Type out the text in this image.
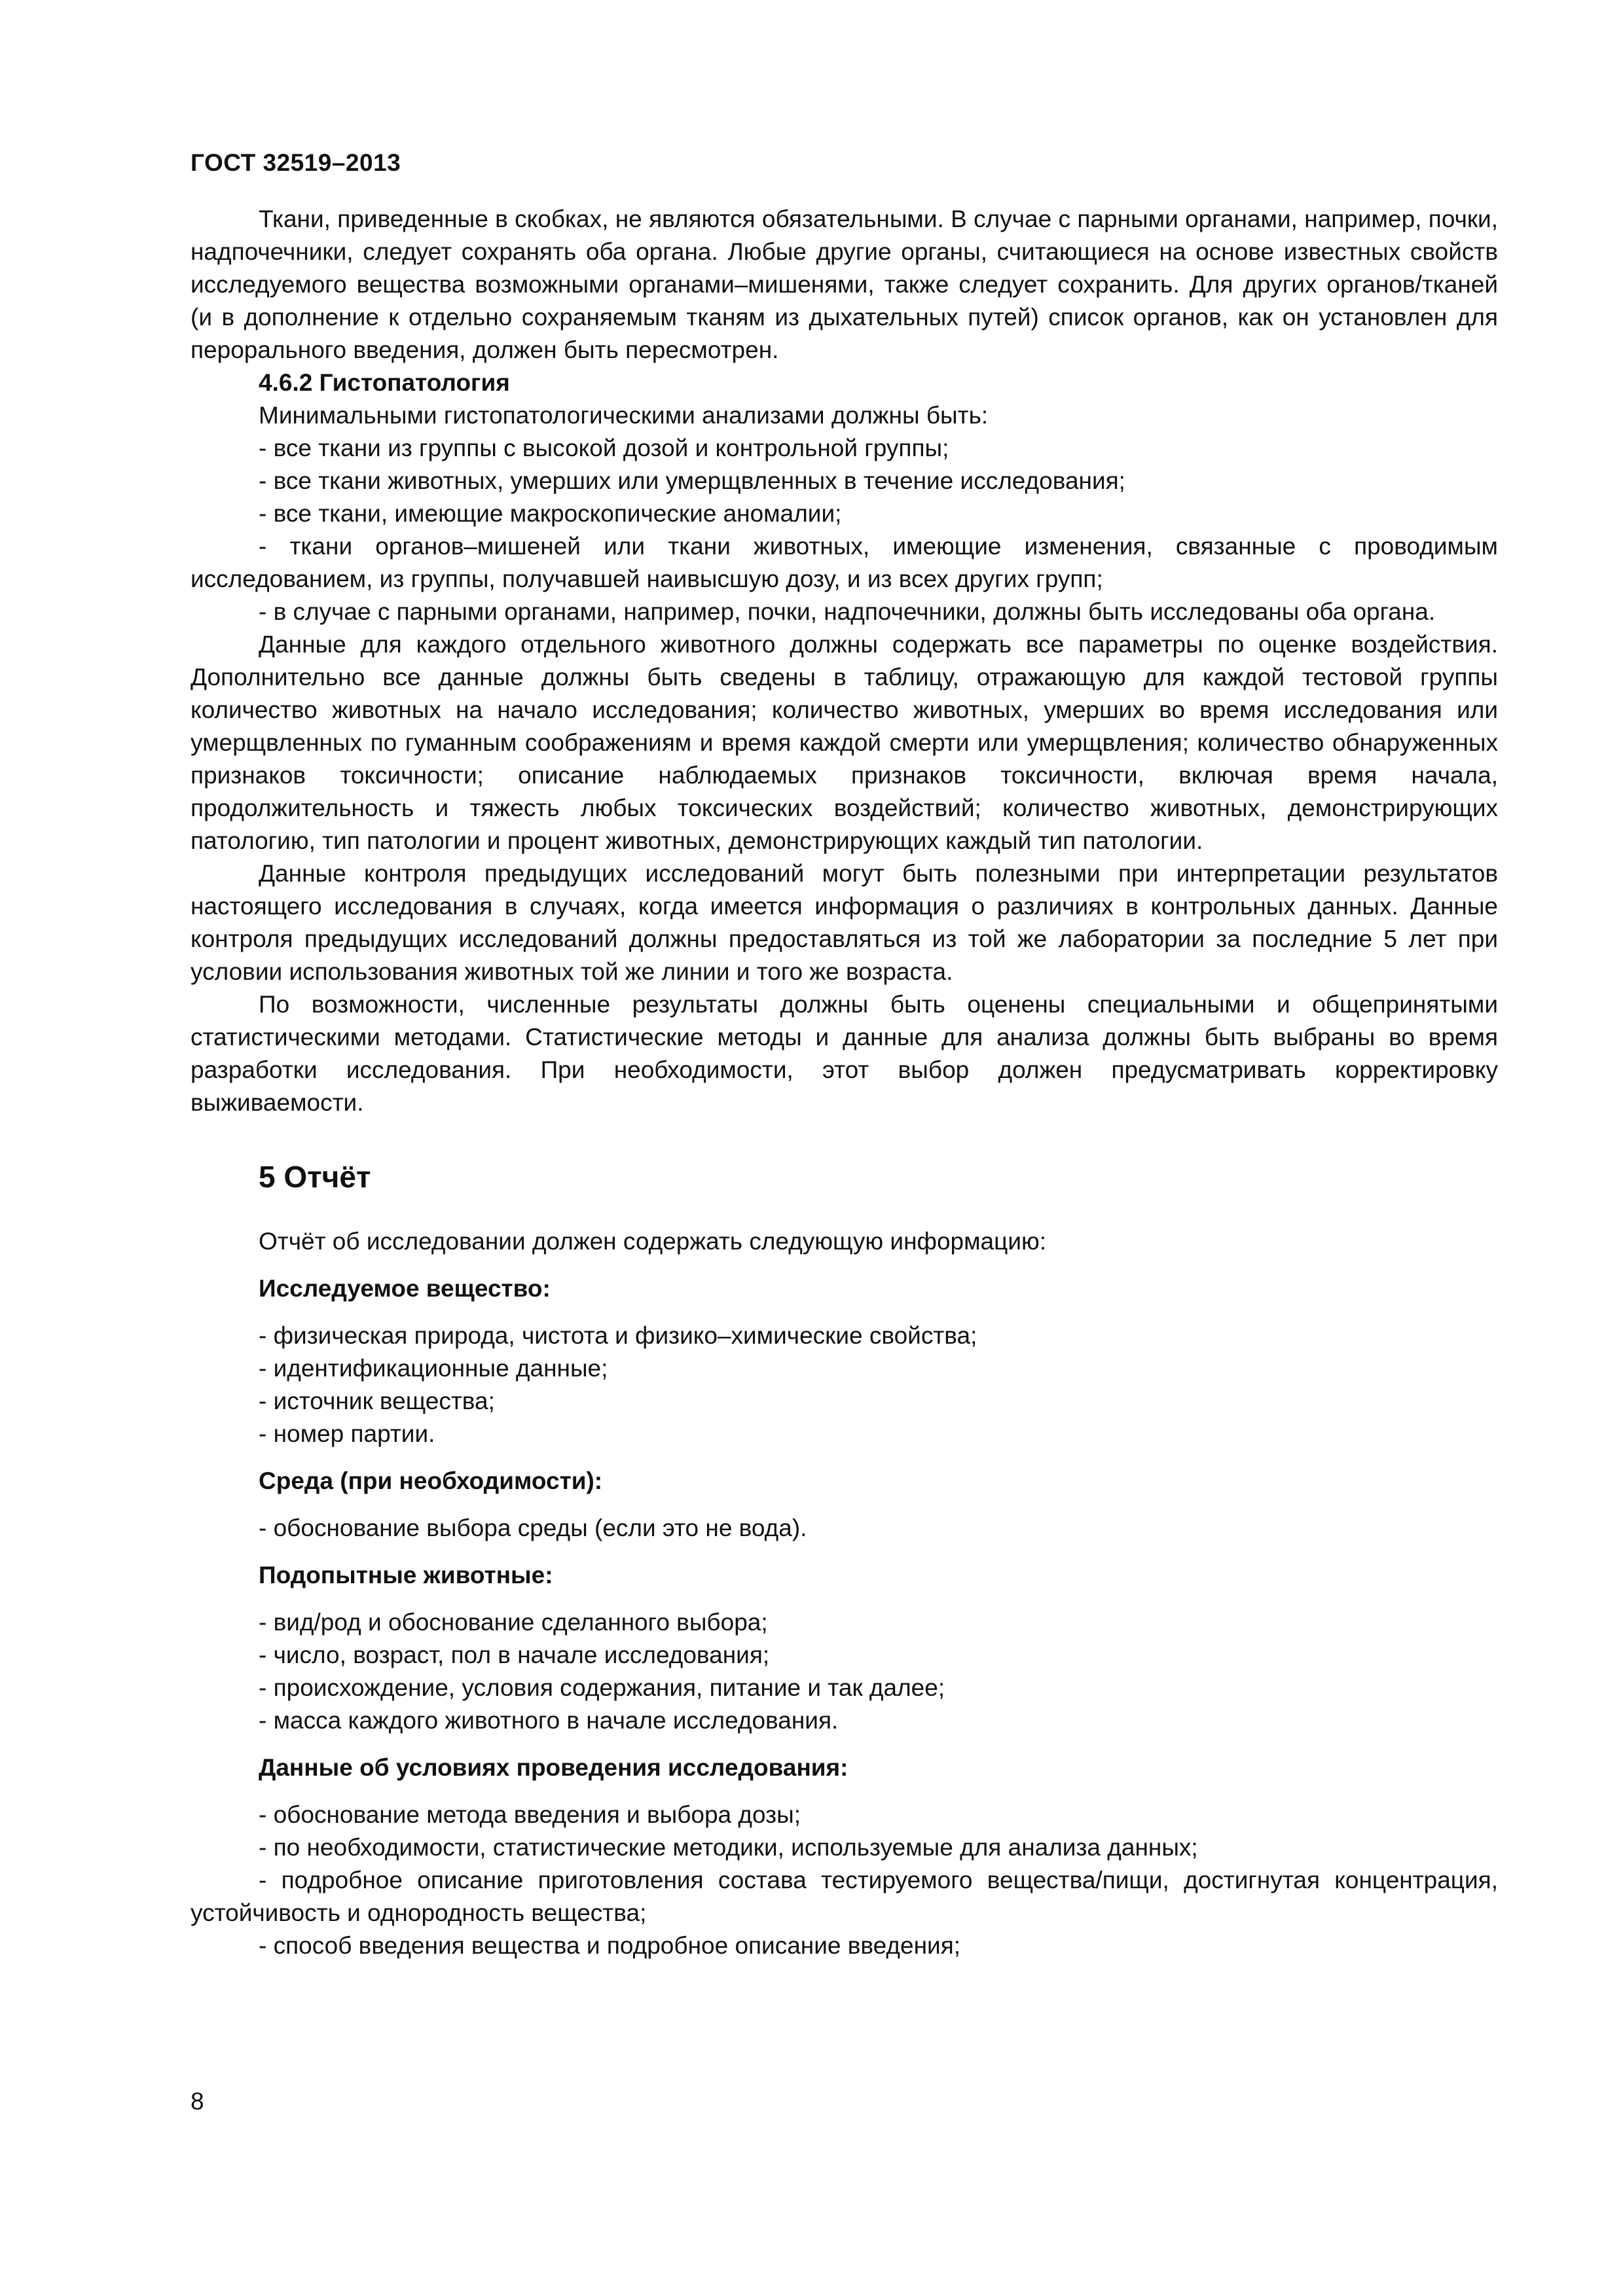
ГОСТ 32519–2013

Ткани, приведенные в скобках, не являются обязательными. В случае с парными органами, например, почки, надпочечники, следует сохранять оба органа. Любые другие органы, считающиеся на основе известных свойств исследуемого вещества возможными органами–мишенями, также следует сохранить. Для других органов/тканей (и в дополнение к отдельно сохраняемым тканям из дыхательных путей) список органов, как он установлен для перорального введения, должен быть пересмотрен.

4.6.2 Гистопатология

Минимальными гистопатологическими анализами должны быть:

- все ткани из группы с высокой дозой и контрольной группы;

- все ткани животных, умерших или умерщвленных в течение исследования;

- все ткани, имеющие макроскопические аномалии;

- ткани органов–мишеней или ткани животных, имеющие изменения, связанные с проводимым исследованием, из группы, получавшей наивысшую дозу, и из всех других групп;

- в случае с парными органами, например, почки, надпочечники, должны быть исследованы оба органа.

Данные для каждого отдельного животного должны содержать все параметры по оценке воздействия. Дополнительно все данные должны быть сведены в таблицу, отражающую для каждой тестовой группы количество животных на начало исследования; количество животных, умерших во время исследования или умерщвленных по гуманным соображениям и время каждой смерти или умерщвления; количество обнаруженных признаков токсичности; описание наблюдаемых признаков токсичности, включая время начала, продолжительность и тяжесть любых токсических воздействий; количество животных, демонстрирующих патологию, тип патологии и процент животных, демонстрирующих каждый тип патологии.

Данные контроля предыдущих исследований могут быть полезными при интерпретации результатов настоящего исследования в случаях, когда имеется информация о различиях в контрольных данных. Данные контроля предыдущих исследований должны предоставляться из той же лаборатории за последние 5 лет при условии использования животных той же линии и того же возраста.

По возможности, численные результаты должны быть оценены специальными и общепринятыми статистическими методами. Статистические методы и данные для анализа должны быть выбраны во время разработки исследования. При необходимости, этот выбор должен предусматривать корректировку выживаемости.

5 Отчёт

Отчёт об исследовании должен содержать следующую информацию:

Исследуемое вещество:

- физическая природа, чистота и физико–химические свойства;

- идентификационные данные;

- источник вещества;

- номер партии.

Среда (при необходимости):

- обоснование выбора среды (если это не вода).

Подопытные животные:

- вид/род и обоснование сделанного выбора;

- число, возраст, пол в начале исследования;

- происхождение, условия содержания, питание и так далее;

- масса каждого животного в начале исследования.

Данные об условиях проведения исследования:

- обоснование метода введения и выбора дозы;

- по необходимости, статистические методики, используемые для анализа данных;

- подробное описание приготовления состава тестируемого вещества/пищи, достигнутая концентрация, устойчивость и однородность вещества;

- способ введения вещества и подробное описание введения;

8
